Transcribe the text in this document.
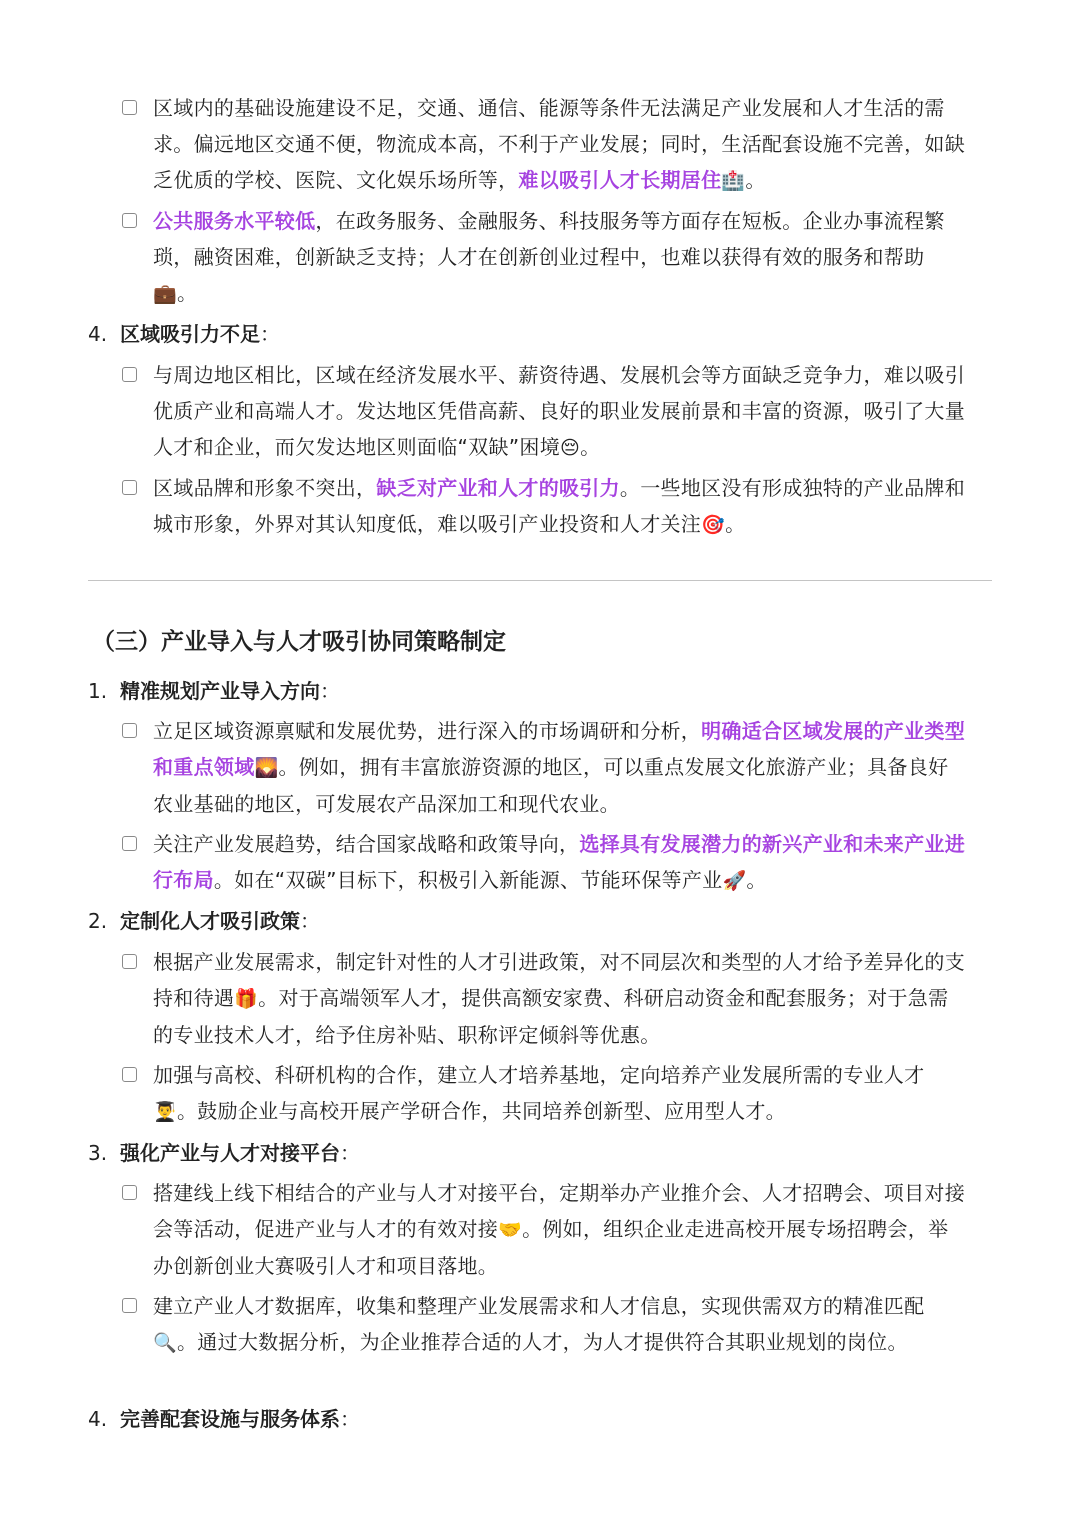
区域内的基础设施建设不足，交通、通信、能源等条件无法满足产业发展和人才生活的需求。偏远地区交通不便，物流成本高，不利于产业发展；同时，生活配套设施不完善，如缺乏优质的学校、医院、文化娱乐场所等，难以吸引人才长期居住🏥。
公共服务水平较低，在政务服务、金融服务、科技服务等方面存在短板。企业办事流程繁琐，融资困难，创新缺乏支持；人才在创新创业过程中，也难以获得有效的服务和帮助💼。
4. 区域吸引力不足：
与周边地区相比，区域在经济发展水平、薪资待遇、发展机会等方面缺乏竞争力，难以吸引优质产业和高端人才。发达地区凭借高薪、良好的职业发展前景和丰富的资源，吸引了大量人才和企业，而欠发达地区则面临“双缺”困境😔。
区域品牌和形象不突出，缺乏对产业和人才的吸引力。一些地区没有形成独特的产业品牌和城市形象，外界对其认知度低，难以吸引产业投资和人才关注🎯。
（三）产业导入与人才吸引协同策略制定
1. 精准规划产业导入方向：
立足区域资源禀赋和发展优势，进行深入的市场调研和分析，明确适合区域发展的产业类型和重点领域🌄。例如，拥有丰富旅游资源的地区，可以重点发展文化旅游产业；具备良好农业基础的地区，可发展农产品深加工和现代农业。
关注产业发展趋势，结合国家战略和政策导向，选择具有发展潜力的新兴产业和未来产业进行布局。如在“双碳”目标下，积极引入新能源、节能环保等产业🚀。
2. 定制化人才吸引政策：
根据产业发展需求，制定针对性的人才引进政策，对不同层次和类型的人才给予差异化的支持和待遇🎁。对于高端领军人才，提供高额安家费、科研启动资金和配套服务；对于急需的专业技术人才，给予住房补贴、职称评定倾斜等优惠。
加强与高校、科研机构的合作，建立人才培养基地，定向培养产业发展所需的专业人才👨‍🎓。鼓励企业与高校开展产学研合作，共同培养创新型、应用型人才。
3. 强化产业与人才对接平台：
搭建线上线下相结合的产业与人才对接平台，定期举办产业推介会、人才招聘会、项目对接会等活动，促进产业与人才的有效对接🤝。例如，组织企业走进高校开展专场招聘会，举办创新创业大赛吸引人才和项目落地。
建立产业人才数据库，收集和整理产业发展需求和人才信息，实现供需双方的精准匹配🔍。通过大数据分析，为企业推荐合适的人才，为人才提供符合其职业规划的岗位。
4. 完善配套设施与服务体系：
